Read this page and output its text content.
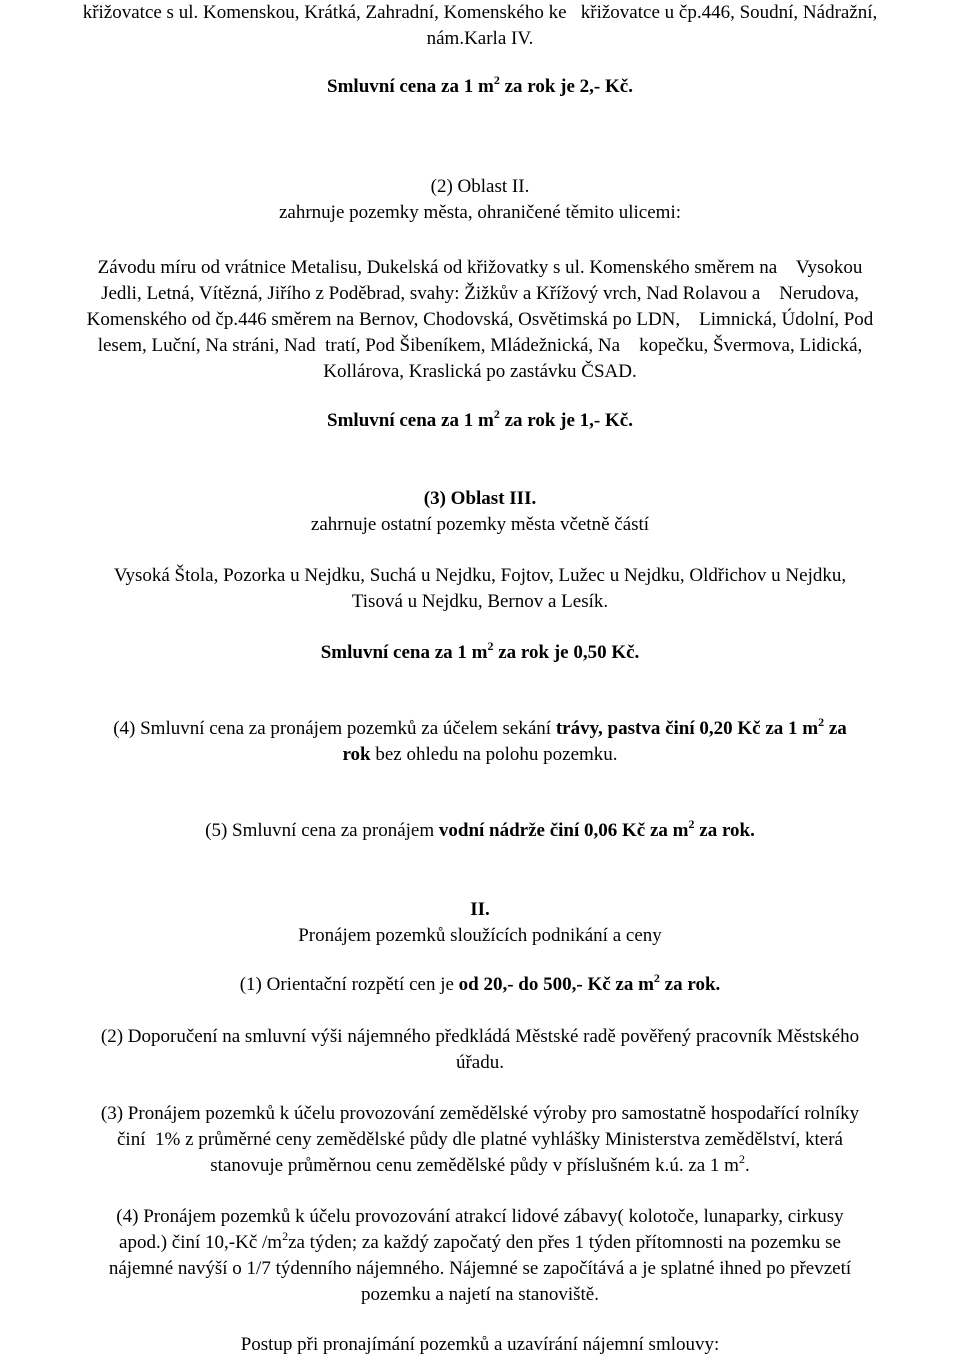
křižovatce s ul. Komenskou, Krátká, Zahradní, Komenského ke   křižovatce u čp.446, Soudní, Nádražní,
nám.Karla IV.
Smluvní cena za 1 $m^2$ za rok je 2,- Kč.
(2) Oblast II.
zahrnuje pozemky města, ohraničené těmito ulicemi:
Závodu míru od vrátnice Metalisu, Dukelská od křižovatky s ul. Komenského směrem na    Vysokou
Jedli, Letná, Vítězná, Jiřího z Poděbrad, svahy: Žižkův a Křížový vrch, Nad Rolavou a    Nerudova,
Komenského od čp.446 směrem na Bernov, Chodovská, Osvětimská po LDN,    Limnická, Údolní, Pod
lesem, Luční, Na stráni, Nad  tratí, Pod Šibeníkem, Mládežnická, Na    kopečku, Švermova, Lidická,
Kollárova, Kraslická po zastávku ČSAD.
Smluvní cena za 1 $m^2$ za rok je 1,- Kč.
(3) Oblast III.
zahrnuje ostatní pozemky města včetně částí
Vysoká Štola, Pozorka u Nejdku, Suchá u Nejdku, Fojtov, Lužec u Nejdku, Oldřichov u Nejdku,
Tisová u Nejdku, Bernov a Lesík.
Smluvní cena za 1 $m^2$ za rok je 0,50 Kč.
(4) Smluvní cena za pronájem pozemků za účelem sekání trávy, pastva činí 0,20 Kč za 1 $m^2$ za
rok bez ohledu na polohu pozemku.
(5) Smluvní cena za pronájem vodní nádrže činí 0,06 Kč za $m^2$ za rok.
II.
Pronájem pozemků sloužících podnikání a ceny
(1) Orientační rozpětí cen je od 20,- do 500,- Kč za $m^2$ za rok.
(2) Doporučení na smluvní výši nájemného předkládá Městské radě pověřený pracovník Městského
úřadu.
(3) Pronájem pozemků k účelu provozování zemědělské výroby pro samostatně hospodařící rolníky
činí  1% z průměrné ceny zemědělské půdy dle platné vyhlášky Ministerstva zemědělství, která
stanovuje průměrnou cenu zemědělské půdy v příslušném k.ú. za 1 $m^2$.
(4) Pronájem pozemků k účelu provozování atrakcí lidové zábavy( kolotoče, lunaparky, cirkusy
apod.) činí 10,-Kč $/m^2za$ týden; za každý započatý den přes 1 týden přítomnosti na pozemku se
nájemné navýší o 1/7 týdenního nájemného. Nájemné se započítává a je splatné ihned po převzetí
pozemku a najetí na stanoviště.
Postup při pronajímání pozemků a uzavírání nájemní smlouvy:
